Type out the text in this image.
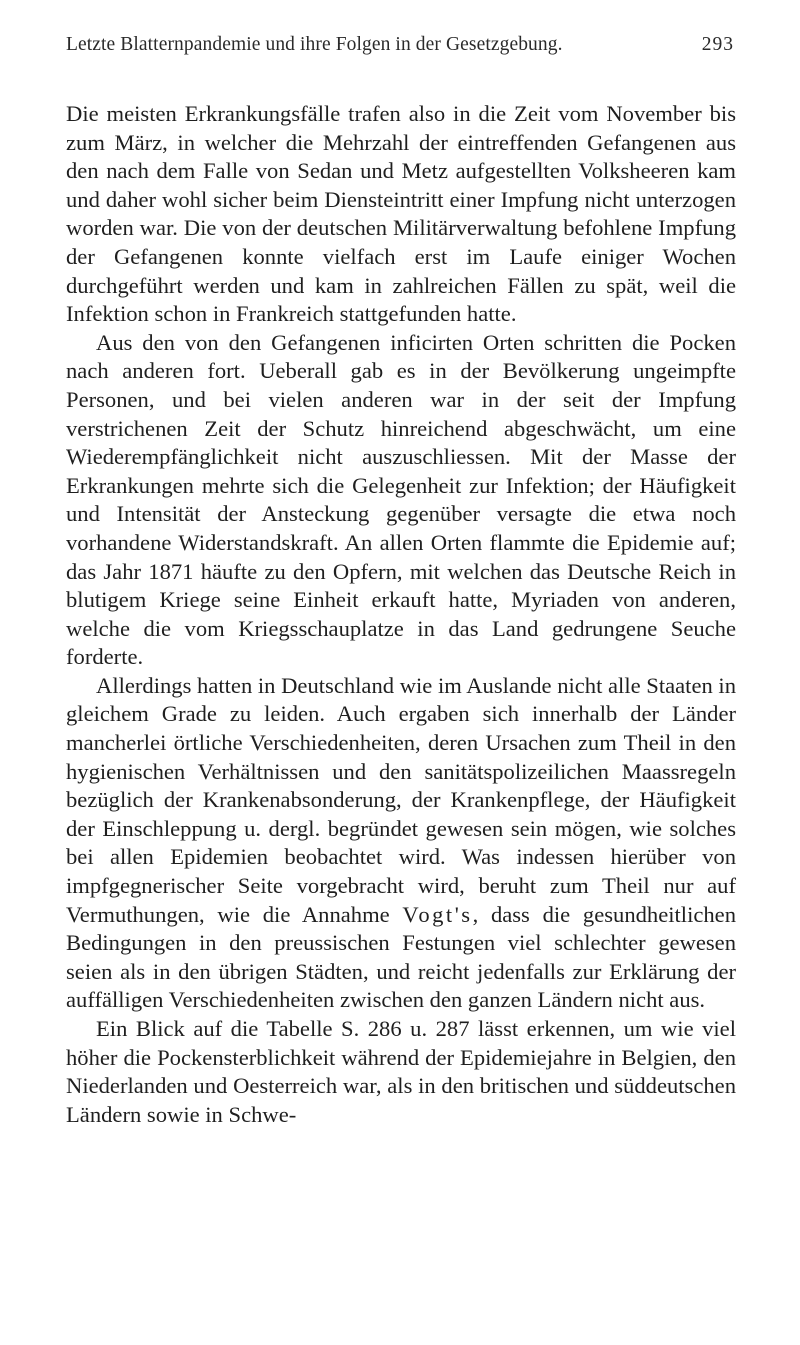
Letzte Blatternpandemie und ihre Folgen in der Gesetzgebung.	293

Die meisten Erkrankungsfälle trafen also in die Zeit vom November bis zum März, in welcher die Mehrzahl der eintreffenden Gefangenen aus den nach dem Falle von Sedan und Metz aufgestellten Volksheeren kam und daher wohl sicher beim Diensteintritt einer Impfung nicht unterzogen worden war. Die von der deutschen Militärverwaltung befohlene Impfung der Gefangenen konnte vielfach erst im Laufe einiger Wochen durchgeführt werden und kam in zahlreichen Fällen zu spät, weil die Infektion schon in Frankreich stattgefunden hatte.

Aus den von den Gefangenen inficirten Orten schritten die Pocken nach anderen fort. Ueberall gab es in der Bevölkerung ungeimpfte Personen, und bei vielen anderen war in der seit der Impfung verstrichenen Zeit der Schutz hinreichend abgeschwächt, um eine Wiederempfänglichkeit nicht auszuschliessen. Mit der Masse der Erkrankungen mehrte sich die Gelegenheit zur Infektion; der Häufigkeit und Intensität der Ansteckung gegenüber versagte die etwa noch vorhandene Widerstandskraft. An allen Orten flammte die Epidemie auf; das Jahr 1871 häufte zu den Opfern, mit welchen das Deutsche Reich in blutigem Kriege seine Einheit erkauft hatte, Myriaden von anderen, welche die vom Kriegsschauplatze in das Land gedrungene Seuche forderte.

Allerdings hatten in Deutschland wie im Auslande nicht alle Staaten in gleichem Grade zu leiden. Auch ergaben sich innerhalb der Länder mancherlei örtliche Verschiedenheiten, deren Ursachen zum Theil in den hygienischen Verhältnissen und den sanitätspolizeilichen Maassregeln bezüglich der Krankenabsonderung, der Krankenpflege, der Häufigkeit der Einschleppung u. dergl. begründet gewesen sein mögen, wie solches bei allen Epidemien beobachtet wird. Was indessen hierüber von impfgegnerischer Seite vorgebracht wird, beruht zum Theil nur auf Vermuthungen, wie die Annahme Vogt's, dass die gesundheitlichen Bedingungen in den preussischen Festungen viel schlechter gewesen seien als in den übrigen Städten, und reicht jedenfalls zur Erklärung der auffälligen Verschiedenheiten zwischen den ganzen Ländern nicht aus.

Ein Blick auf die Tabelle S. 286 u. 287 lässt erkennen, um wie viel höher die Pockensterblichkeit während der Epidemiejahre in Belgien, den Niederlanden und Oesterreich war, als in den britischen und süddeutschen Ländern sowie in Schwe-
